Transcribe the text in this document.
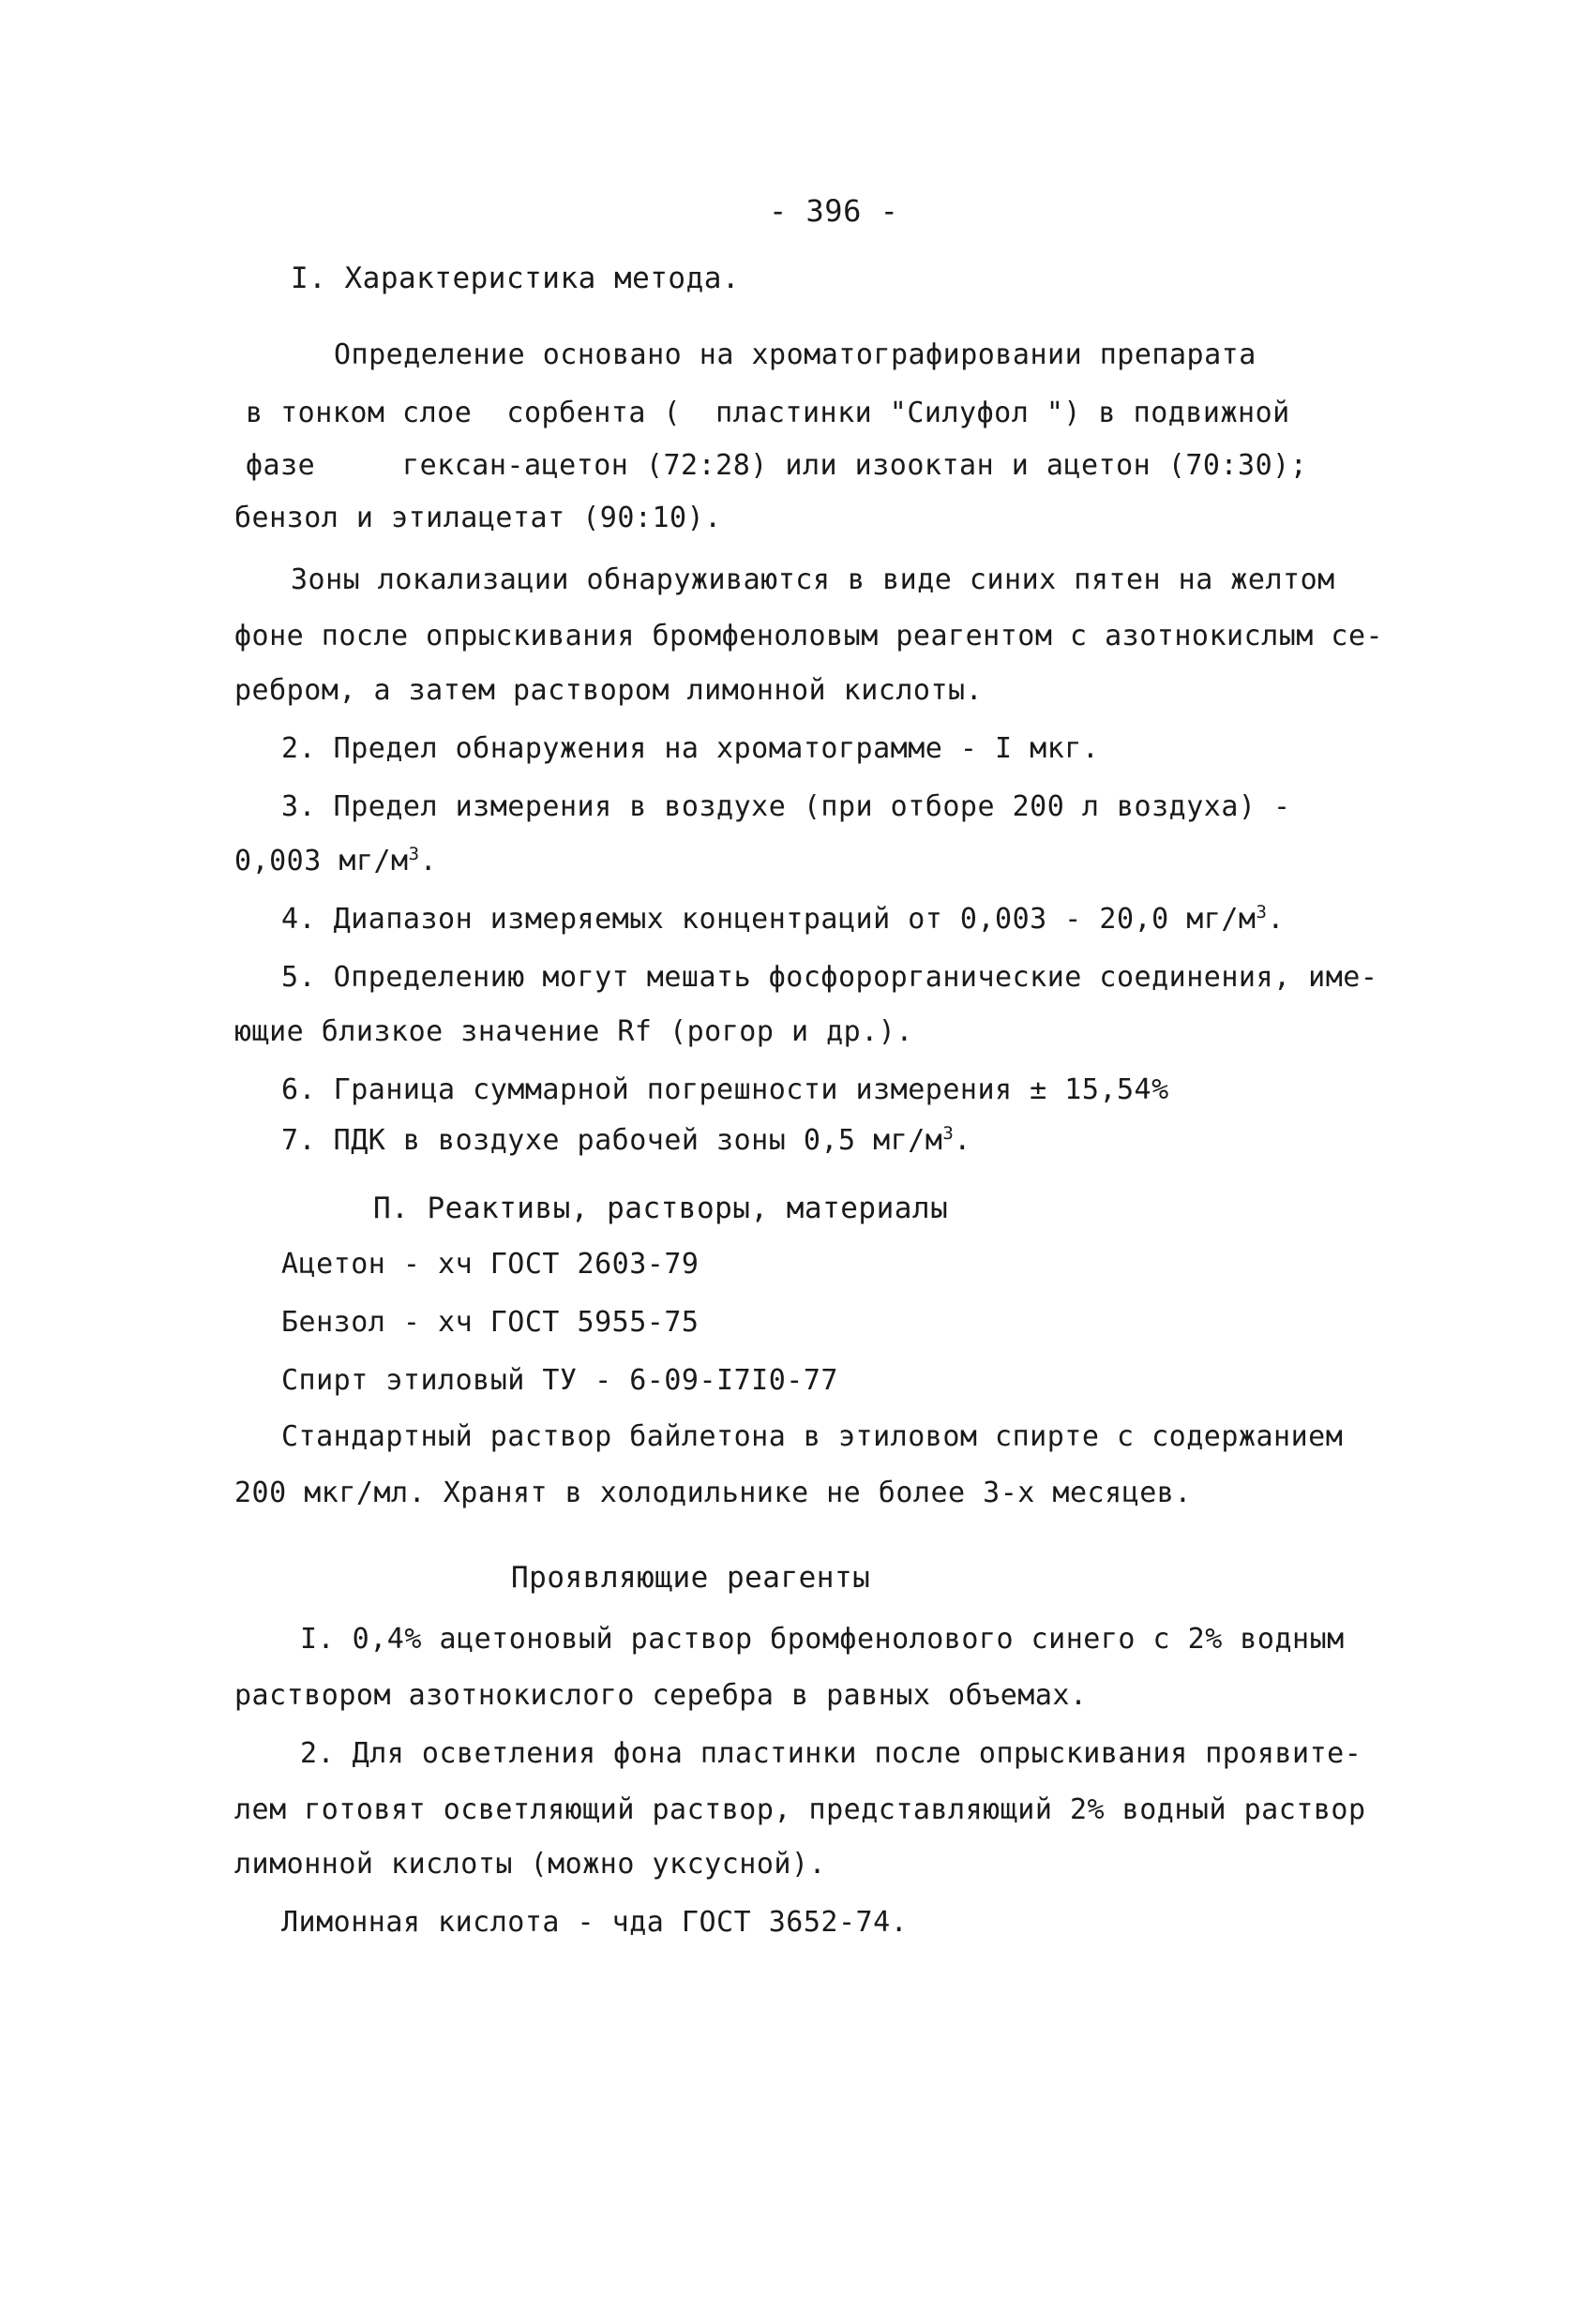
- 396 -
I. Характеристика метода.
Определение основано на хроматографировании препарата
в тонком слое  сорбента (  пластинки "Силуфол ") в подвижной
фазе     гексан-ацетон (72:28) или изооктан и ацетон (70:30);
бензол и этилацетат (90:10).
Зоны локализации обнаруживаются в виде синих пятен на желтом
фоне после опрыскивания бромфеноловым реагентом с азотнокислым се-
ребром, а затем раствором лимонной кислоты.
2. Предел обнаружения на хроматограмме - I мкг.
3. Предел измерения в воздухе (при отборе 200 л воздуха) -
0,003 $мг/м^3$.
4. Диапазон измеряемых концентраций от 0,003 - 20,0 $мг/м^3$.
5. Определению могут мешать фосфорорганические соединения, име-
ющие близкое значение Rf (рогор и др.).
6. Граница суммарной погрешности измерения ± 15,54%
7. ПДК в воздухе рабочей зоны 0,5 $мг/м^3$.
П. Реактивы, растворы, материалы
Ацетон - хч ГОСТ 2603-79
Бензол - хч ГОСТ 5955-75
Спирт этиловый ТУ - 6-09-I7I0-77
Стандартный раствор байлетона в этиловом спирте с содержанием
200 мкг/мл. Хранят в холодильнике не более 3-х месяцев.
Проявляющие реагенты
I. 0,4% ацетоновый раствор бромфенолового синего с 2% водным
раствором азотнокислого серебра в равных объемах.
2. Для осветления фона пластинки после опрыскивания проявите-
лем готовят осветляющий раствор, представляющий 2% водный раствор
лимонной кислоты (можно уксусной).
Лимонная кислота - чда ГОСТ 3652-74.
